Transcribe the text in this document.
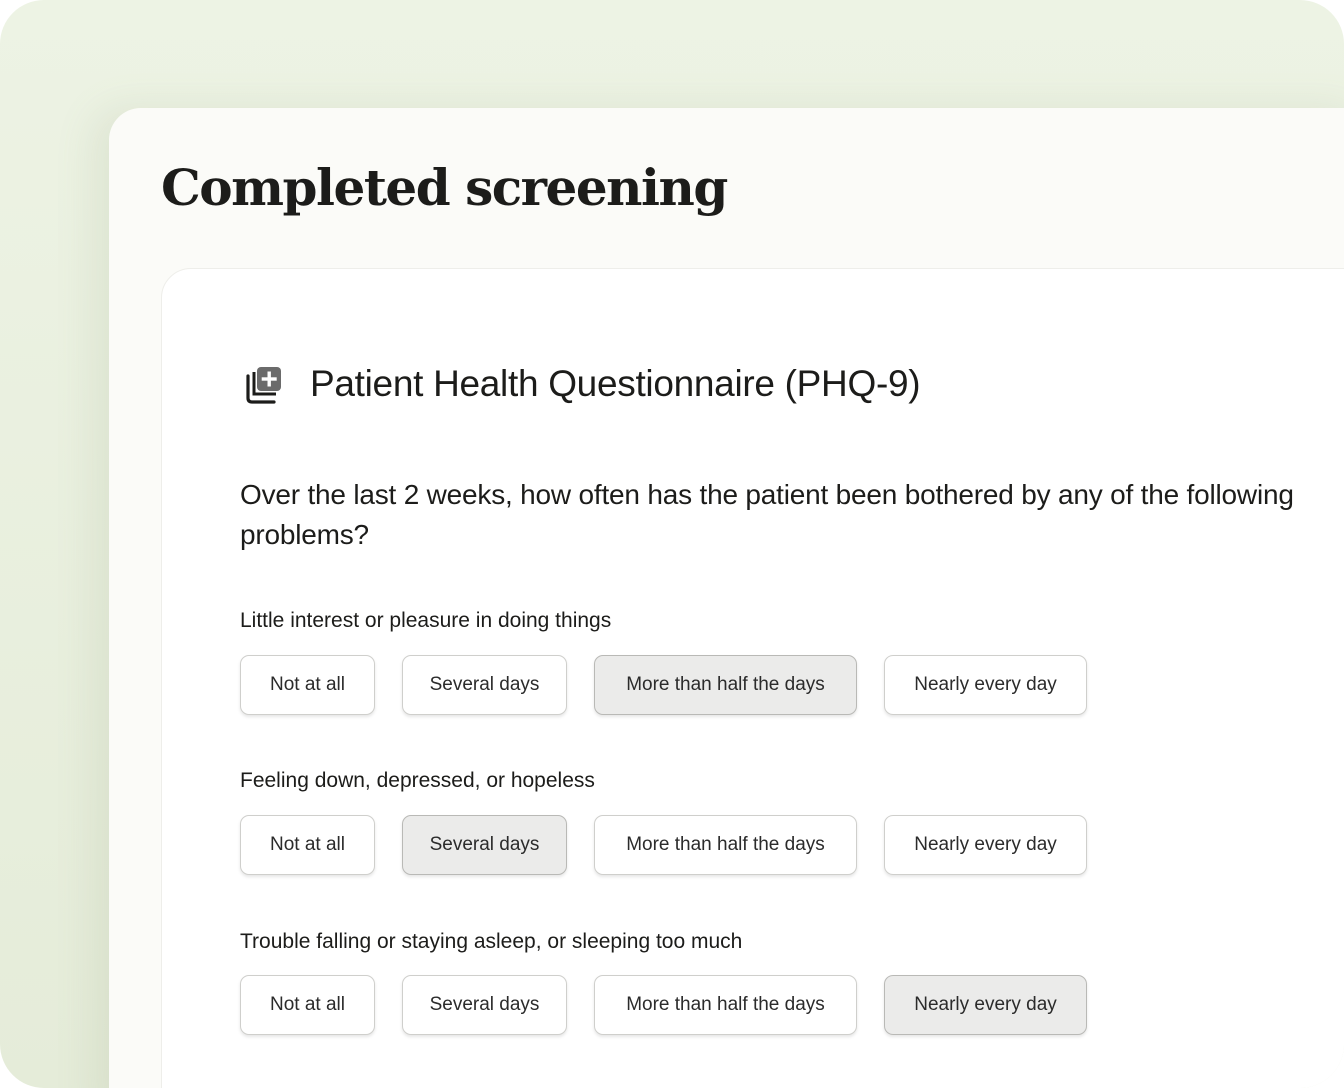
Completed screening
Patient Health Questionnaire (PHQ-9)

Over the last 2 weeks, how often has the patient been bothered by any of the following problems?

Little interest or pleasure in doing things
Not at all	Several days	More than half the days	Nearly every day
Feeling down, depressed, or hopeless
Not at all	Several days	More than half the days	Nearly every day
Trouble falling or staying asleep, or sleeping too much
Not at all	Several days	More than half the days	Nearly every day
